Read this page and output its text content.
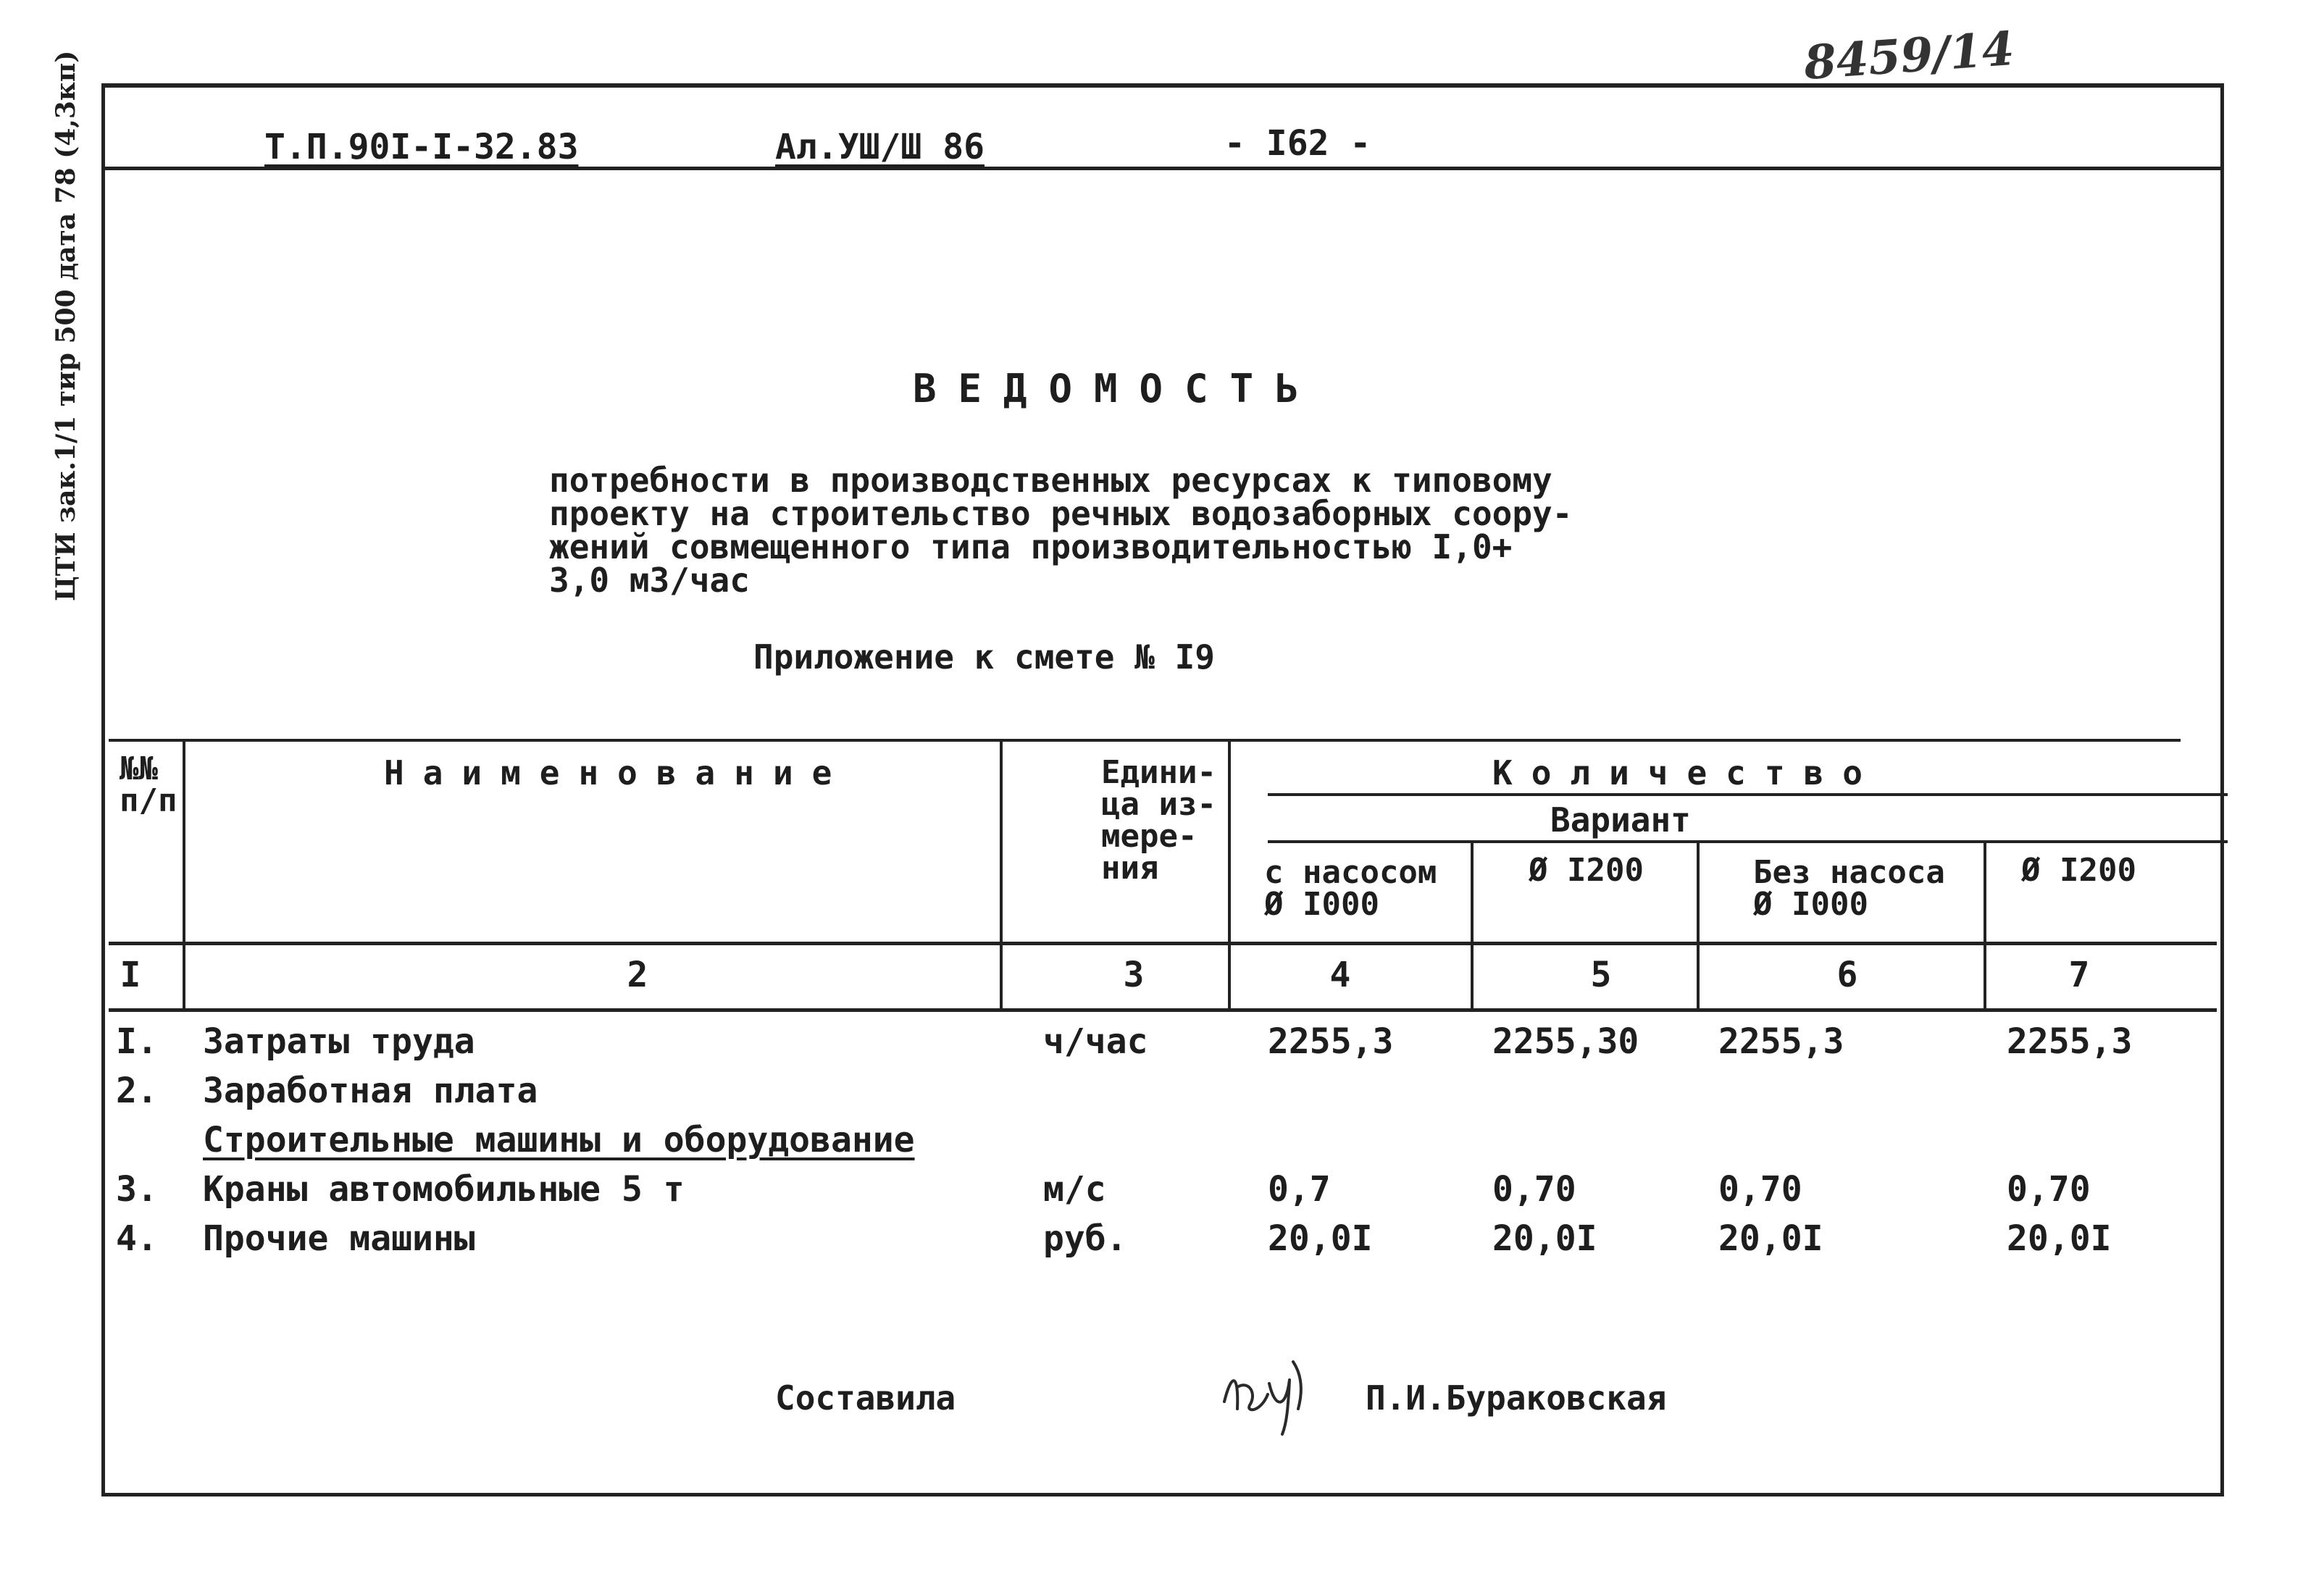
8459/14
ЦТИ зак.1/1 тир 500 дата 78 (4,3кп)	Т.П.90I-I-32.83	Ал.УШ/Ш 86	- I62 -
ВЕДОМОСТЬ
потребности в производственных ресурсах к типовому
проекту на строительство речных водозаборных соору-
жений совмещенного типа производительностью I,0+
3,0 м3/час
Приложение к смете № I9
№№
п/п
Наименование	Едини-
ца из-
мере-
ния
Количество
Вариант
с насосом
Ø I000
Ø I200	Без насоса
Ø I000
Ø I200
I	2	3	4	5	6	7
I. Затраты труда	ч/час	2255,3	2255,30 2255,3	2255,3
2. Заработная плата
Строительные машины и оборудование
3. Краны автомобильные 5 т	м/с	0,7	0,70	0,70	0,70
4. Прочие машины	руб.	20,0I	20,0I	20,0I	20,0I
Составила	П.И.Бураковская
